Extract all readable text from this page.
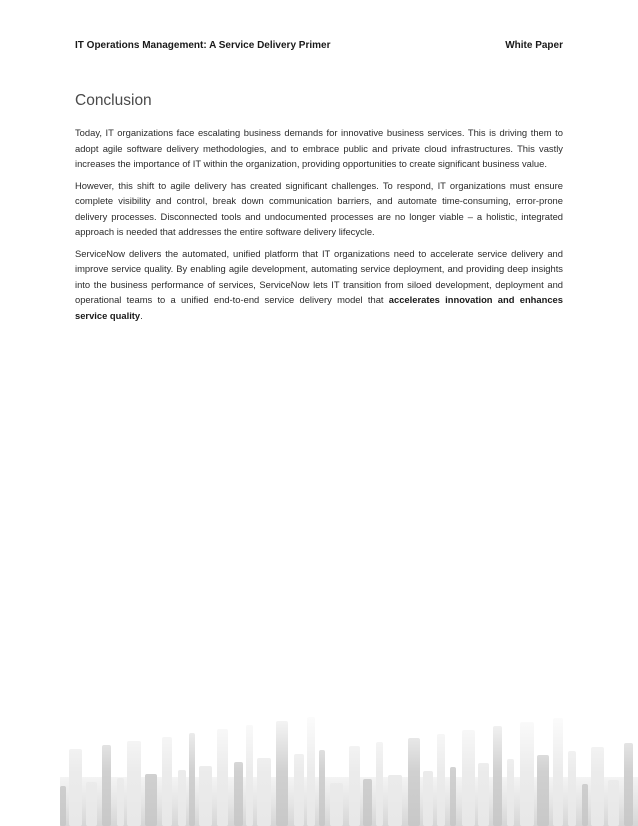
IT Operations Management: A Service Delivery Primer	White Paper
Conclusion

Today, IT organizations face escalating business demands for innovative business services. This is driving them to adopt agile software delivery methodologies, and to embrace public and private cloud infrastructures. This vastly increases the importance of IT within the organization, providing opportunities to create significant business value.

However, this shift to agile delivery has created significant challenges. To respond, IT organizations must ensure complete visibility and control, break down communication barriers, and automate time-consuming, error-prone delivery processes. Disconnected tools and undocumented processes are no longer viable – a holistic, integrated approach is needed that addresses the entire software delivery lifecycle.

ServiceNow delivers the automated, unified platform that IT organizations need to accelerate service delivery and improve service quality. By enabling agile development, automating service deployment, and providing deep insights into the business performance of services, ServiceNow lets IT transition from siloed development, deployment and operational teams to a unified end-to-end service delivery model that accelerates innovation and enhances service quality.
